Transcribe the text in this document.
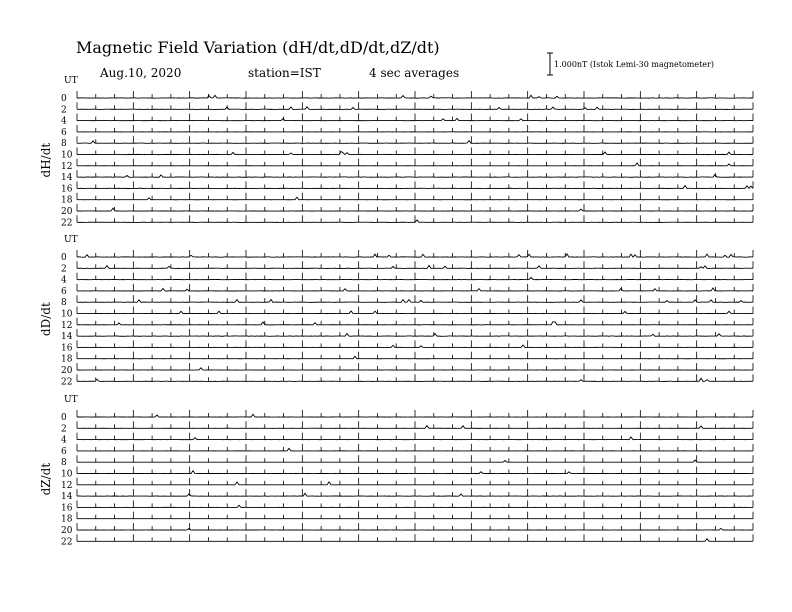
UT
dH/dt
0
2
4
6
8
10
12
14
16
18
20
22
UT
dD/dt
0
2
4
6
8
10
12
14
16
18
20
22
UT
dZ/dt
0
2
4
6
8
10
12
14
16
18
20
22
Magnetic Field Variation (dH/dt,dD/dt,dZ/dt)
Aug.10, 2020	station=IST	4 sec averages
1.000nT (Istok Lemi-30 magnetometer)
